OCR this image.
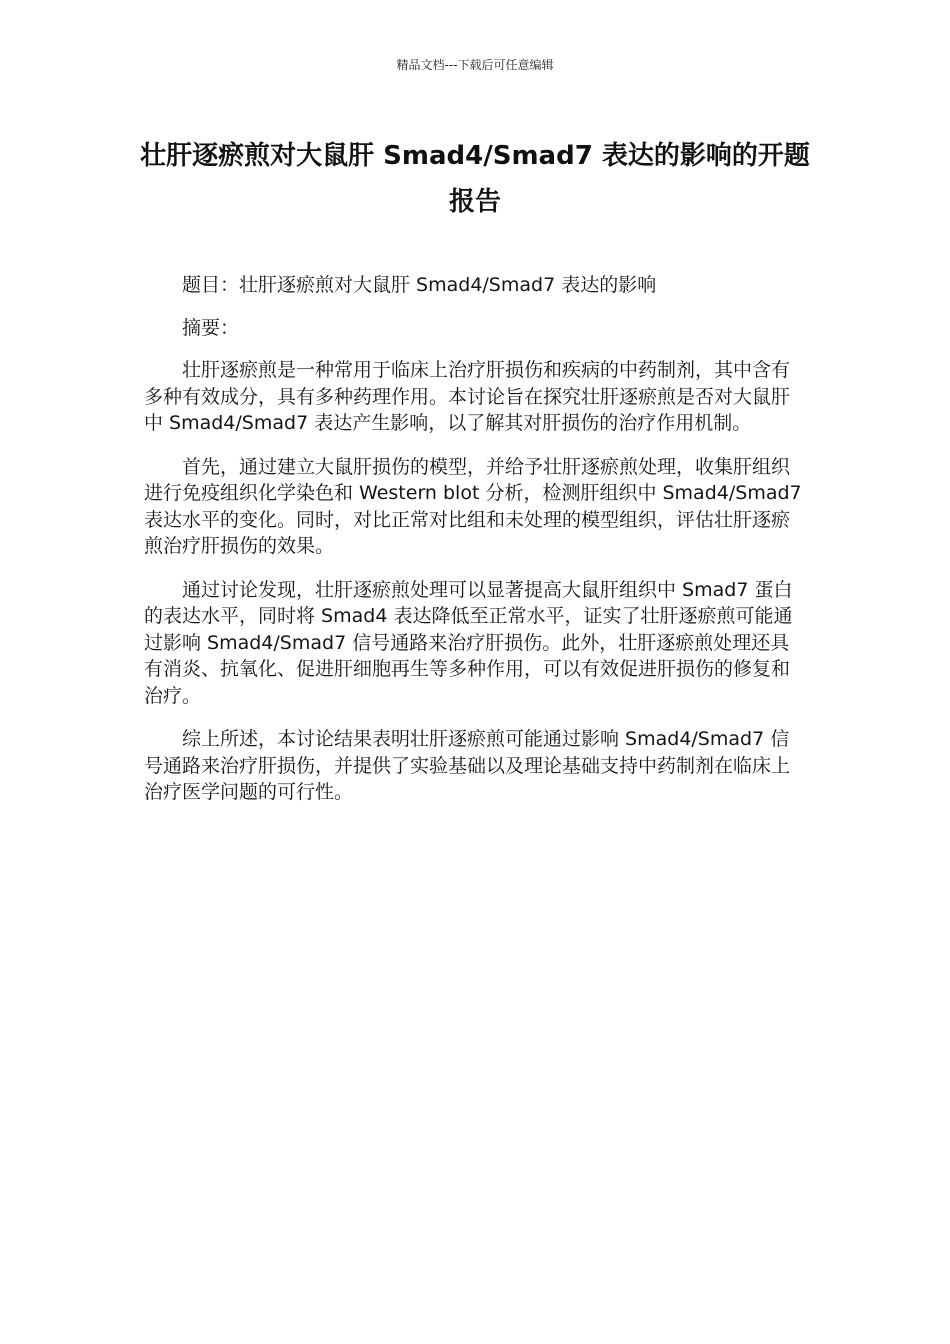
精品文档---下载后可任意编辑
壮肝逐瘀煎对大鼠肝 Smad4/Smad7 表达的影响的开题报告

题目：壮肝逐瘀煎对大鼠肝 Smad4/Smad7 表达的影响

摘要：

壮肝逐瘀煎是一种常用于临床上治疗肝损伤和疾病的中药制剂，其中含有多种有效成分，具有多种药理作用。本讨论旨在探究壮肝逐瘀煎是否对大鼠肝中 Smad4/Smad7 表达产生影响，以了解其对肝损伤的治疗作用机制。

首先，通过建立大鼠肝损伤的模型，并给予壮肝逐瘀煎处理，收集肝组织进行免疫组织化学染色和 Western blot 分析，检测肝组织中 Smad4/Smad7 表达水平的变化。同时，对比正常对比组和未处理的模型组织，评估壮肝逐瘀煎治疗肝损伤的效果。

通过讨论发现，壮肝逐瘀煎处理可以显著提高大鼠肝组织中 Smad7 蛋白的表达水平，同时将 Smad4 表达降低至正常水平，证实了壮肝逐瘀煎可能通过影响 Smad4/Smad7 信号通路来治疗肝损伤。此外，壮肝逐瘀煎处理还具有消炎、抗氧化、促进肝细胞再生等多种作用，可以有效促进肝损伤的修复和治疗。

综上所述，本讨论结果表明壮肝逐瘀煎可能通过影响 Smad4/Smad7 信号通路来治疗肝损伤，并提供了实验基础以及理论基础支持中药制剂在临床上治疗医学问题的可行性。
